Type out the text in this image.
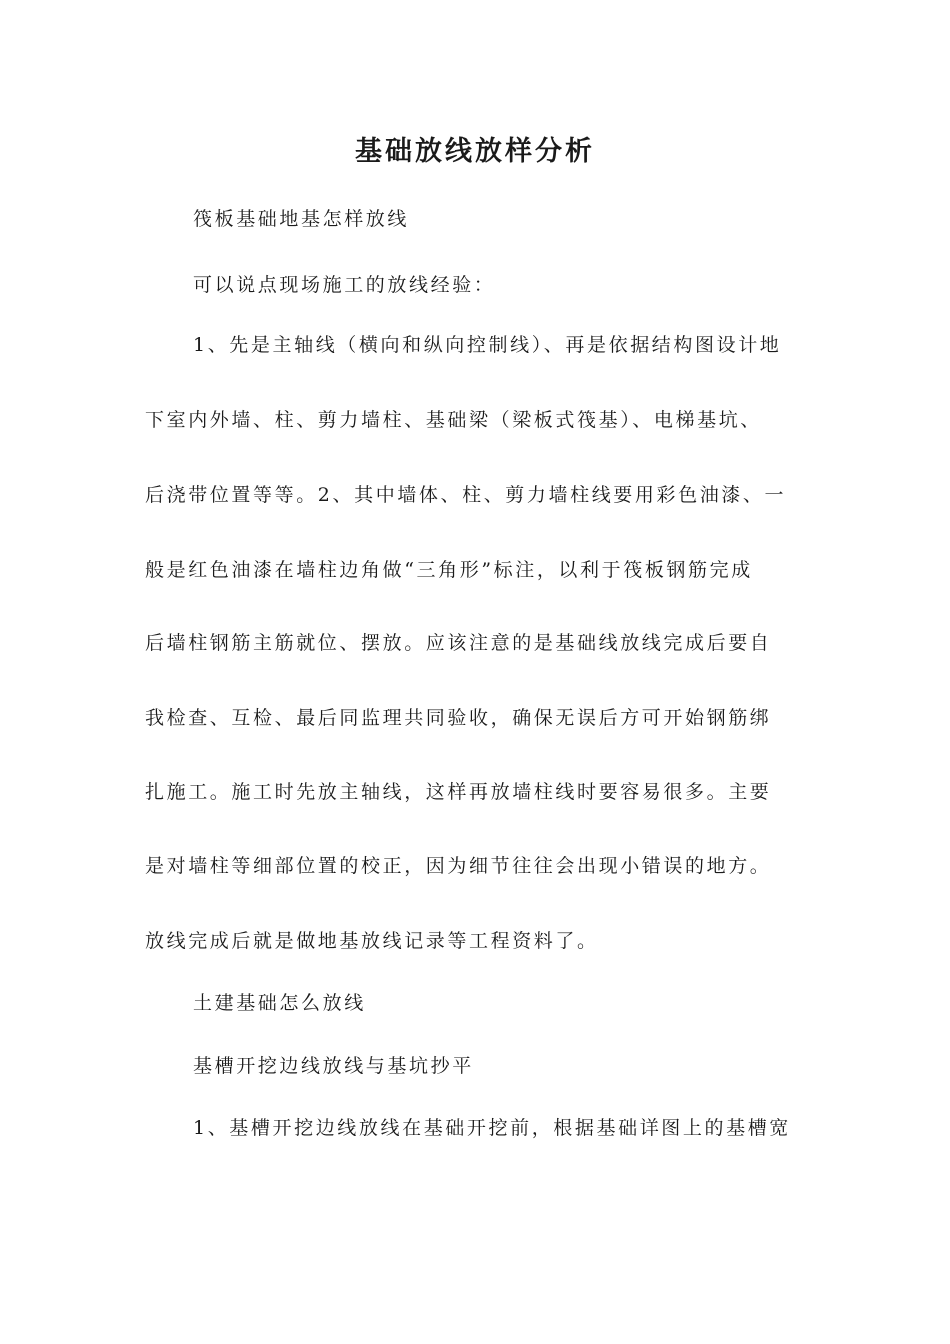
基础放线放样分析

筏板基础地基怎样放线

可以说点现场施工的放线经验：

1、先是主轴线（横向和纵向控制线）、再是依据结构图设计地

下室内外墙、柱、剪力墙柱、基础梁（梁板式筏基）、电梯基坑、

后浇带位置等等。2、其中墙体、柱、剪力墙柱线要用彩色油漆、一

般是红色油漆在墙柱边角做“三角形”标注，以利于筏板钢筋完成

后墙柱钢筋主筋就位、摆放。应该注意的是基础线放线完成后要自

我检查、互检、最后同监理共同验收，确保无误后方可开始钢筋绑

扎施工。施工时先放主轴线，这样再放墙柱线时要容易很多。主要

是对墙柱等细部位置的校正，因为细节往往会出现小错误的地方。

放线完成后就是做地基放线记录等工程资料了。

土建基础怎么放线

基槽开挖边线放线与基坑抄平

1、基槽开挖边线放线在基础开挖前，根据基础详图上的基槽宽
